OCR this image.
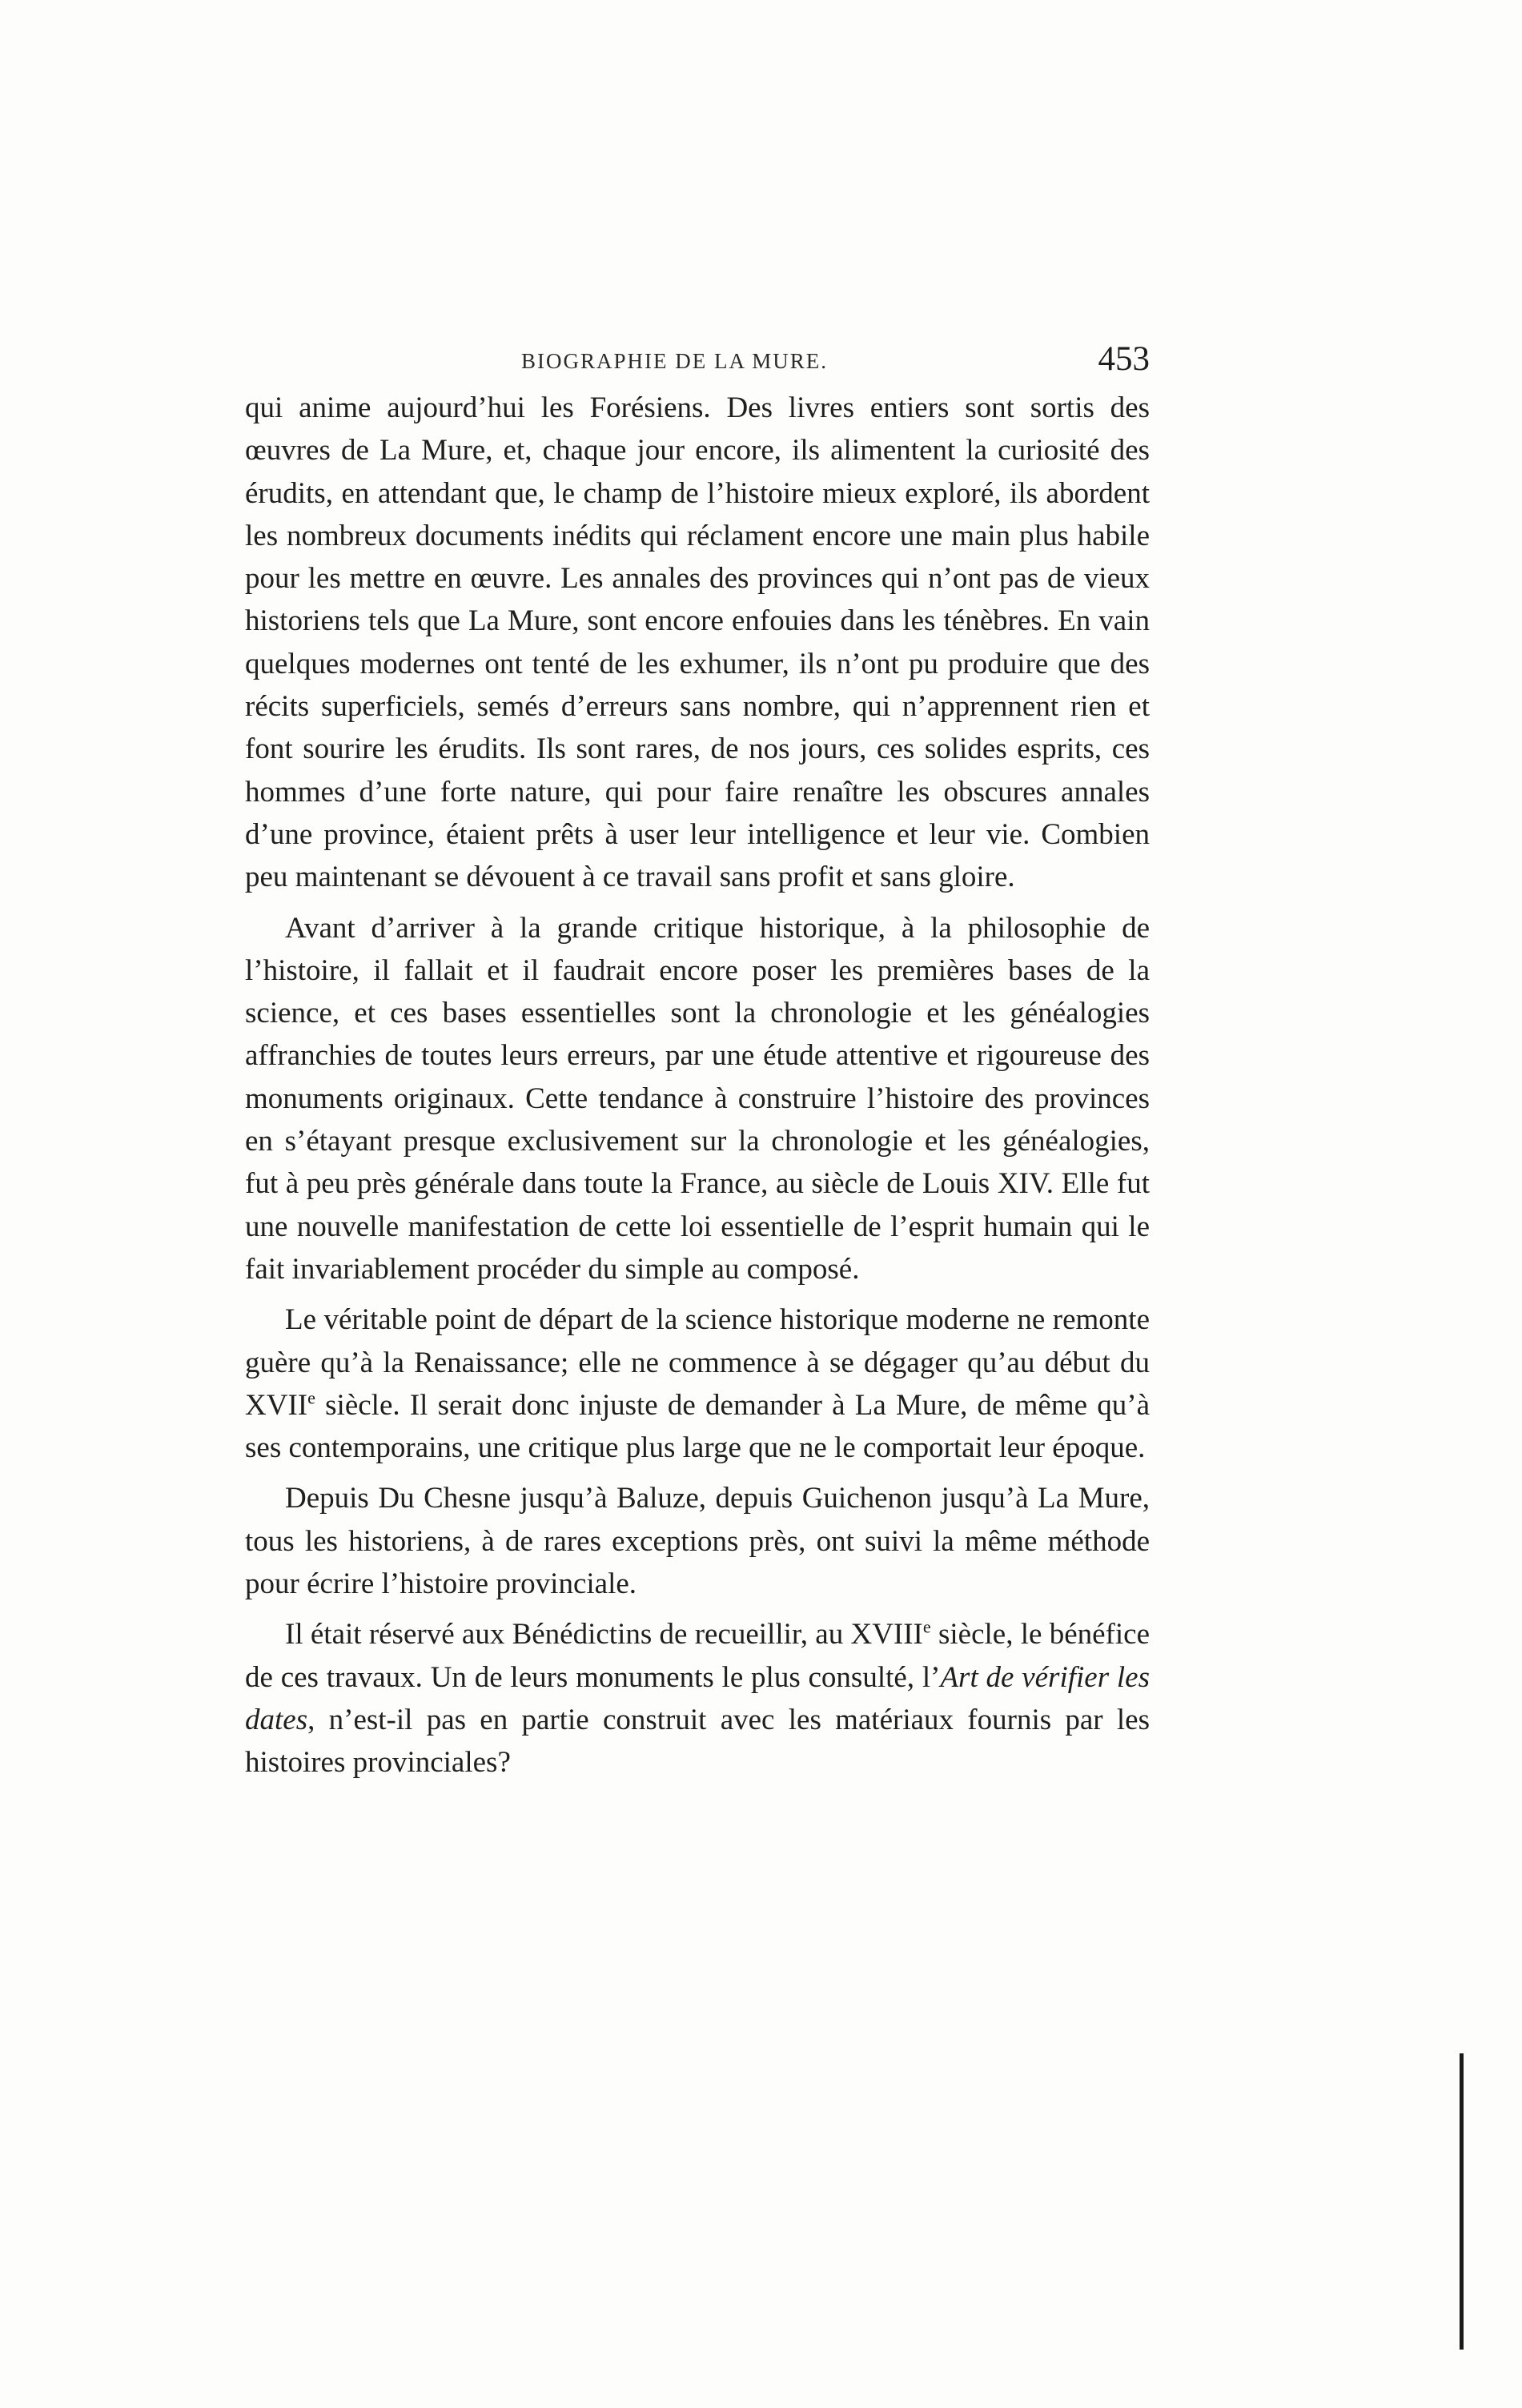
BIOGRAPHIE DE LA MURE.	453

qui anime aujourd’hui les Forésiens. Des livres entiers sont sortis des œuvres de La Mure, et, chaque jour encore, ils alimentent la curiosité des érudits, en attendant que, le champ de l’histoire mieux exploré, ils abordent les nombreux documents inédits qui réclament encore une main plus habile pour les mettre en œuvre. Les annales des provinces qui n’ont pas de vieux historiens tels que La Mure, sont encore enfouies dans les ténèbres. En vain quelques modernes ont tenté de les exhumer, ils n’ont pu produire que des récits superficiels, semés d’erreurs sans nombre, qui n’apprennent rien et font sourire les érudits. Ils sont rares, de nos jours, ces solides esprits, ces hommes d’une forte nature, qui pour faire renaître les obscures annales d’une province, étaient prêts à user leur intelligence et leur vie. Combien peu maintenant se dévouent à ce travail sans profit et sans gloire.

Avant d’arriver à la grande critique historique, à la philosophie de l’histoire, il fallait et il faudrait encore poser les premières bases de la science, et ces bases essentielles sont la chronologie et les généalogies affranchies de toutes leurs erreurs, par une étude attentive et rigoureuse des monuments originaux. Cette tendance à construire l’histoire des provinces en s’étayant presque exclusivement sur la chronologie et les généalogies, fut à peu près générale dans toute la France, au siècle de Louis XIV. Elle fut une nouvelle manifestation de cette loi essentielle de l’esprit humain qui le fait invariablement procéder du simple au composé.

Le véritable point de départ de la science historique moderne ne remonte guère qu’à la Renaissance; elle ne commence à se dégager qu’au début du XVIIe siècle. Il serait donc injuste de demander à La Mure, de même qu’à ses contemporains, une critique plus large que ne le comportait leur époque.

Depuis Du Chesne jusqu’à Baluze, depuis Guichenon jusqu’à La Mure, tous les historiens, à de rares exceptions près, ont suivi la même méthode pour écrire l’histoire provinciale.

Il était réservé aux Bénédictins de recueillir, au XVIIIe siècle, le bénéfice de ces travaux. Un de leurs monuments le plus consulté, l’Art de vérifier les dates, n’est-il pas en partie construit avec les matériaux fournis par les histoires provinciales?
